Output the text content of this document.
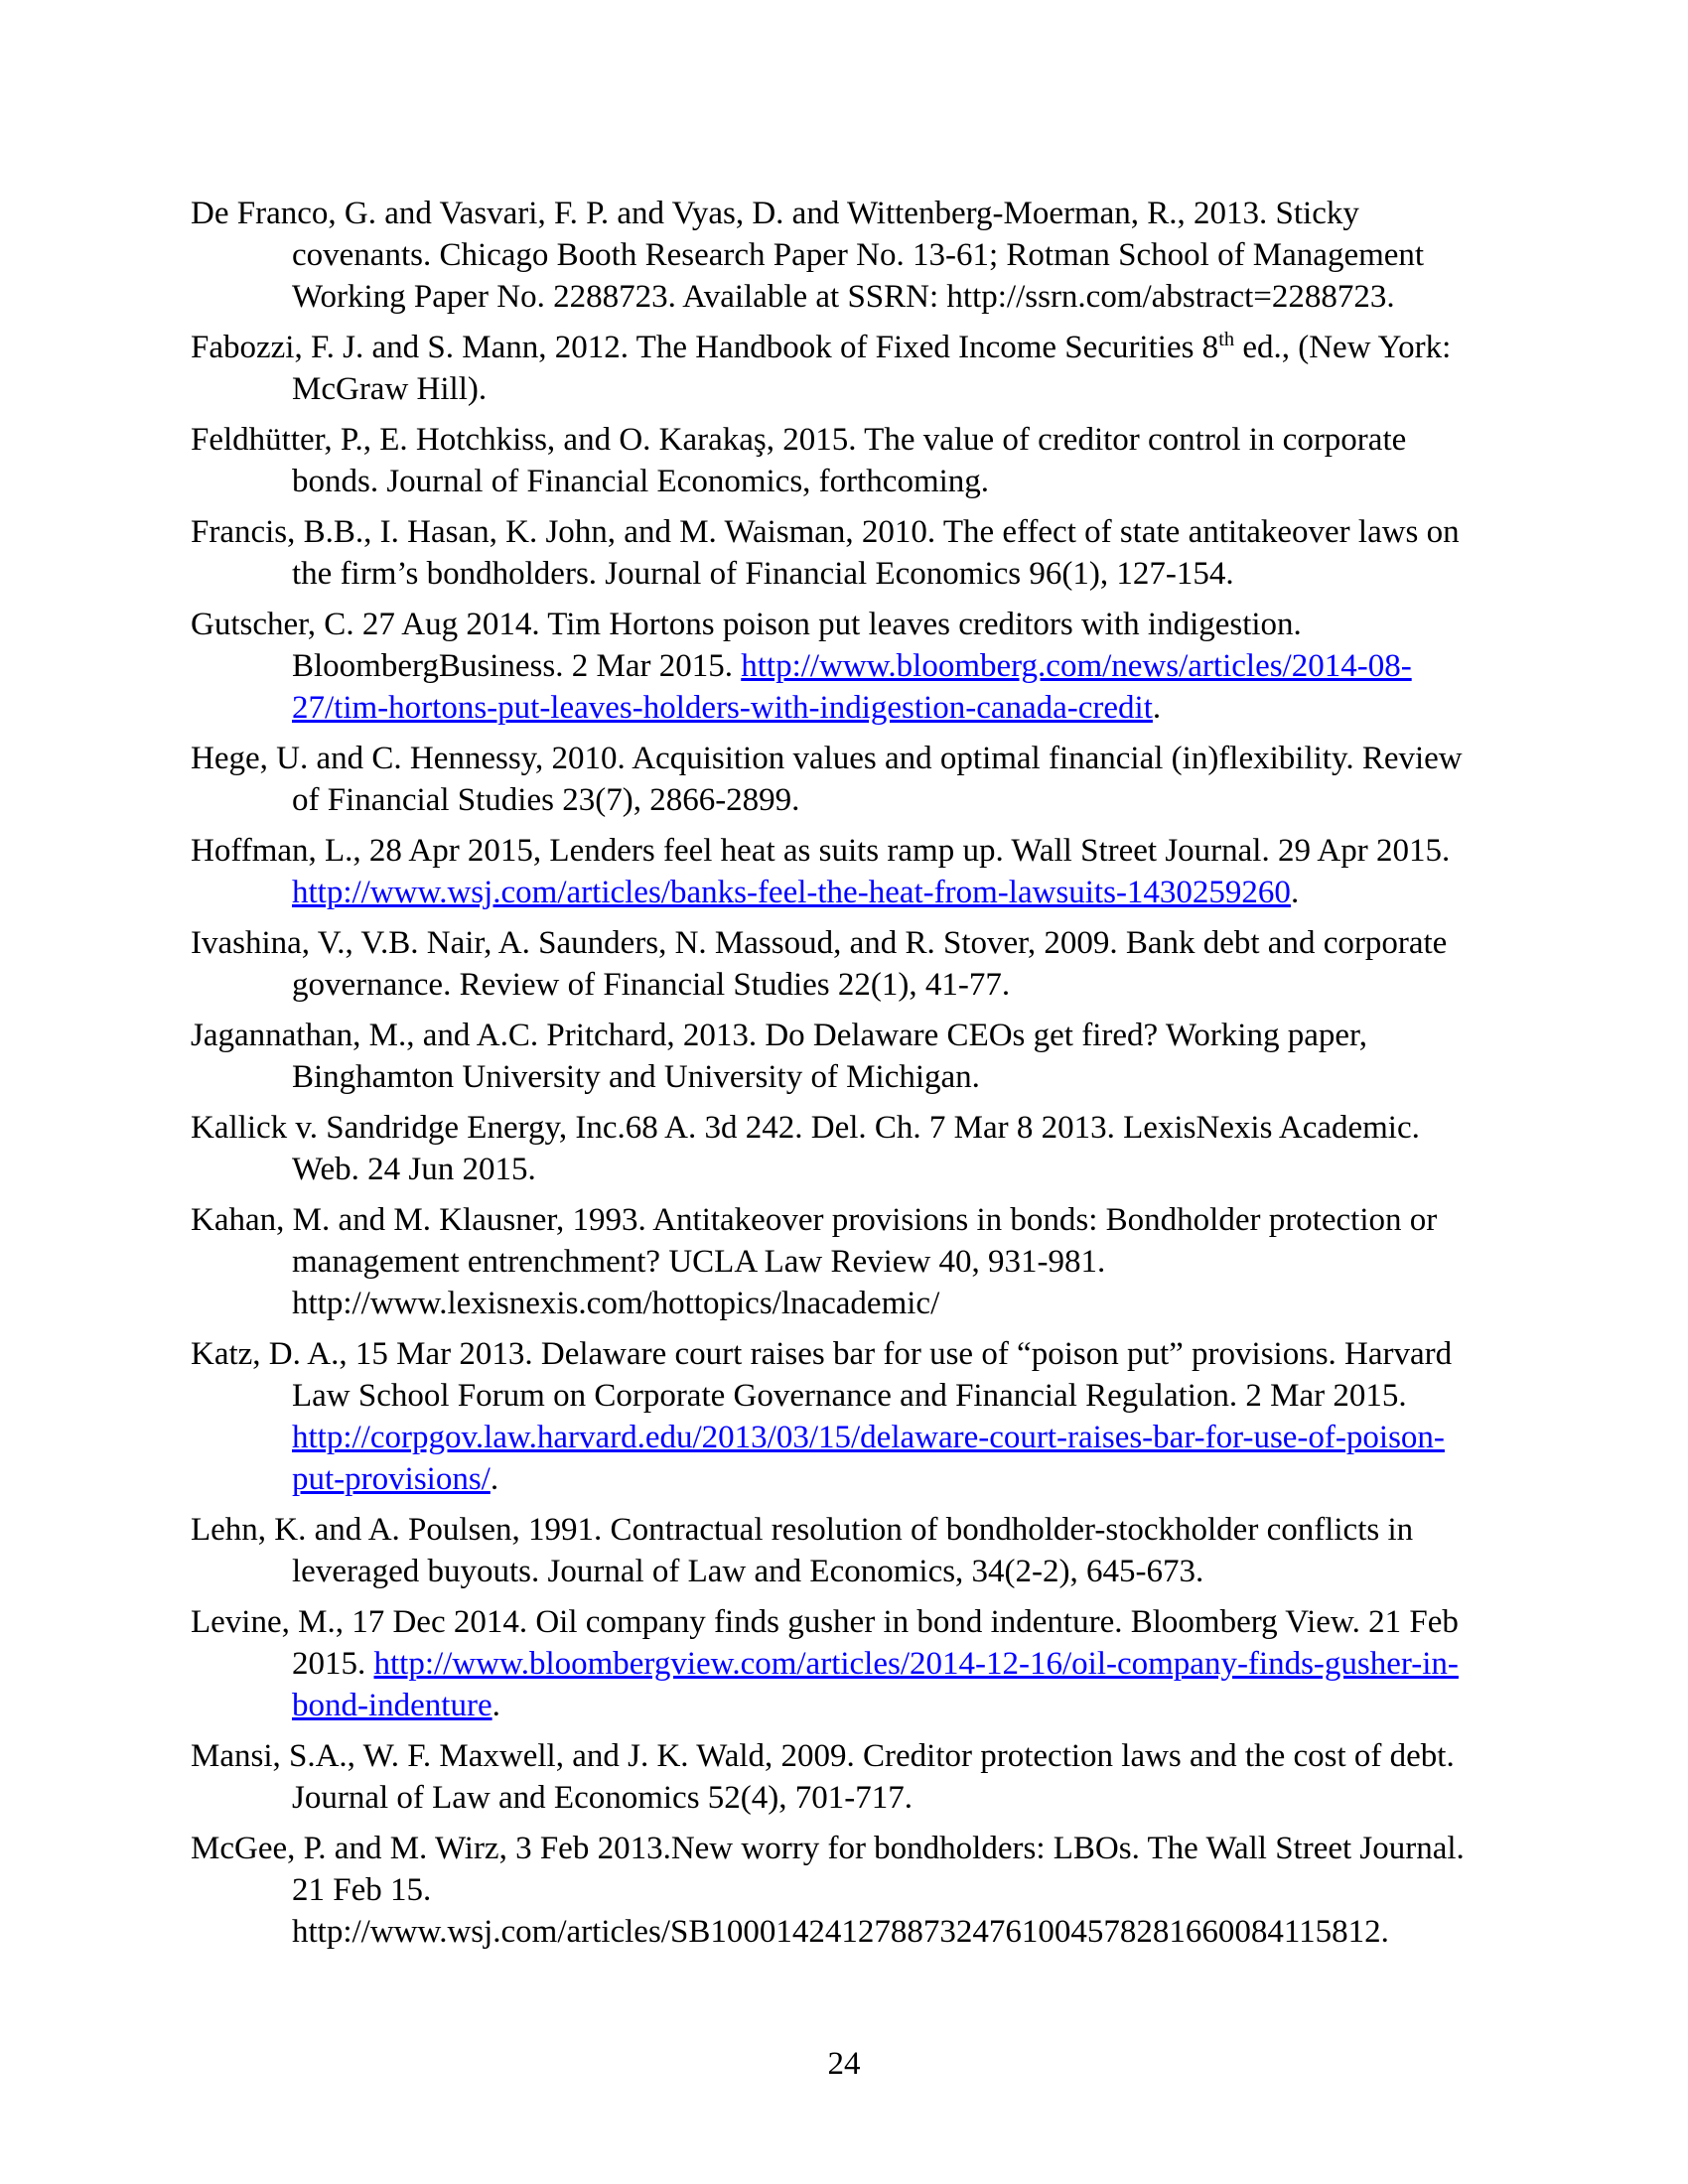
De Franco, G. and Vasvari, F. P. and Vyas, D. and Wittenberg-Moerman, R., 2013. Sticky covenants. Chicago Booth Research Paper No. 13-61; Rotman School of Management Working Paper No. 2288723. Available at SSRN: http://ssrn.com/abstract=2288723.

Fabozzi, F. J. and S. Mann, 2012. The Handbook of Fixed Income Securities 8th ed., (New York: McGraw Hill).

Feldhütter, P., E. Hotchkiss, and O. Karakaş, 2015. The value of creditor control in corporate bonds. Journal of Financial Economics, forthcoming.

Francis, B.B., I. Hasan, K. John, and M. Waisman, 2010. The effect of state antitakeover laws on the firm’s bondholders. Journal of Financial Economics 96(1), 127-154.

Gutscher, C. 27 Aug 2014. Tim Hortons poison put leaves creditors with indigestion. BloombergBusiness. 2 Mar 2015. http://www.bloomberg.com/news/articles/2014-08-27/tim-hortons-put-leaves-holders-with-indigestion-canada-credit.

Hege, U. and C. Hennessy, 2010. Acquisition values and optimal financial (in)flexibility. Review of Financial Studies 23(7), 2866-2899.

Hoffman, L., 28 Apr 2015, Lenders feel heat as suits ramp up. Wall Street Journal. 29 Apr 2015. http://www.wsj.com/articles/banks-feel-the-heat-from-lawsuits-1430259260.

Ivashina, V., V.B. Nair, A. Saunders, N. Massoud, and R. Stover, 2009. Bank debt and corporate governance. Review of Financial Studies 22(1), 41-77.

Jagannathan, M., and A.C. Pritchard, 2013. Do Delaware CEOs get fired? Working paper, Binghamton University and University of Michigan.

Kallick v. Sandridge Energy, Inc.68 A. 3d 242. Del. Ch. 7 Mar 8 2013. LexisNexis Academic. Web. 24 Jun 2015.

Kahan, M. and M. Klausner, 1993. Antitakeover provisions in bonds: Bondholder protection or management entrenchment? UCLA Law Review 40, 931-981. http://www.lexisnexis.com/hottopics/lnacademic/

Katz, D. A., 15 Mar 2013. Delaware court raises bar for use of “poison put” provisions. Harvard Law School Forum on Corporate Governance and Financial Regulation. 2 Mar 2015. http://corpgov.law.harvard.edu/2013/03/15/delaware-court-raises-bar-for-use-of-poison-put-provisions/.

Lehn, K. and A. Poulsen, 1991. Contractual resolution of bondholder-stockholder conflicts in leveraged buyouts. Journal of Law and Economics, 34(2-2), 645-673.

Levine, M., 17 Dec 2014. Oil company finds gusher in bond indenture. Bloomberg View. 21 Feb 2015. http://www.bloombergview.com/articles/2014-12-16/oil-company-finds-gusher-in-bond-indenture.

Mansi, S.A., W. F. Maxwell, and J. K. Wald, 2009. Creditor protection laws and the cost of debt. Journal of Law and Economics 52(4), 701-717.

McGee, P. and M. Wirz, 3 Feb 2013.New worry for bondholders: LBOs. The Wall Street Journal. 21 Feb 15. http://www.wsj.com/articles/SB10001424127887324761004578281660084115812.

24
